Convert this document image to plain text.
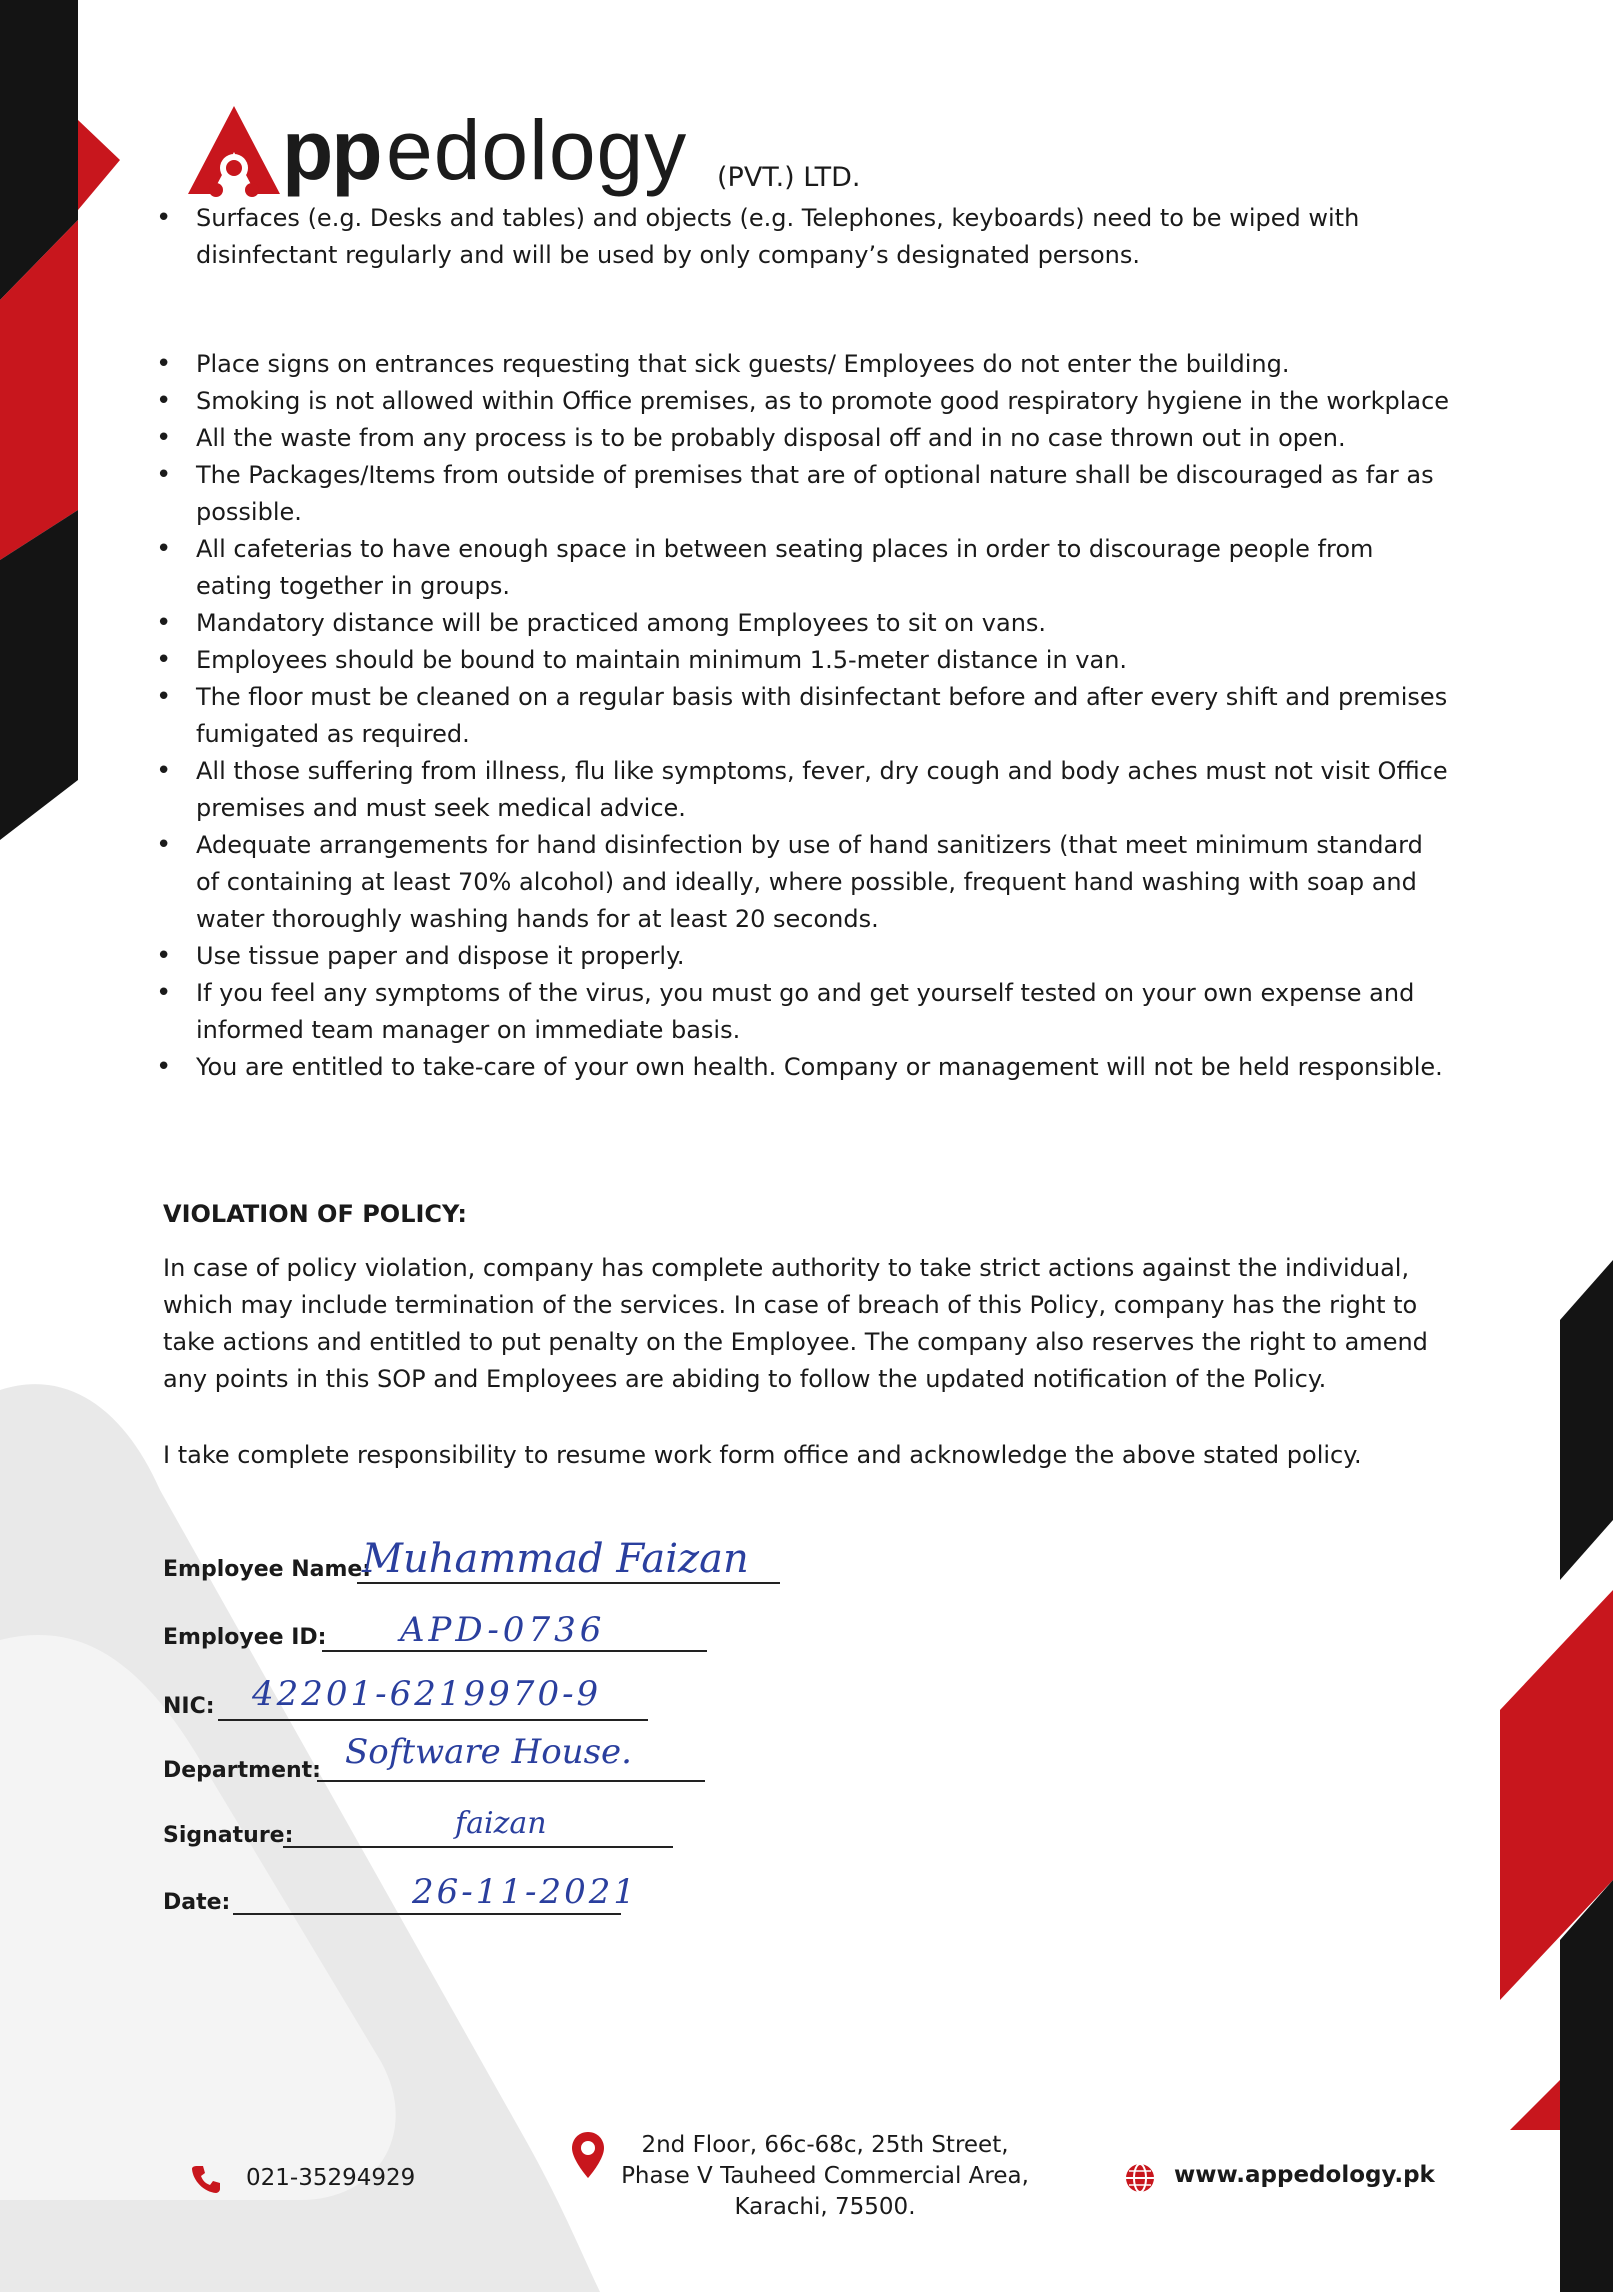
pp edology (PVT.) LTD.
• Surfaces (e.g. Desks and tables) and objects (e.g. Telephones, keyboards) need to be wiped with disinfectant regularly and will be used by only company’s designated persons.
• Place signs on entrances requesting that sick guests/ Employees do not enter the building.
• Smoking is not allowed within Office premises, as to promote good respiratory hygiene in the workplace
• All the waste from any process is to be probably disposal off and in no case thrown out in open.
• The Packages/Items from outside of premises that are of optional nature shall be discouraged as far as possible.
• All cafeterias to have enough space in between seating places in order to discourage people from eating together in groups.
• Mandatory distance will be practiced among Employees to sit on vans.
• Employees should be bound to maintain minimum 1.5-meter distance in van.
• The floor must be cleaned on a regular basis with disinfectant before and after every shift and premises fumigated as required.
• All those suffering from illness, flu like symptoms, fever, dry cough and body aches must not visit Office premises and must seek medical advice.
• Adequate arrangements for hand disinfection by use of hand sanitizers (that meet minimum standard of containing at least 70% alcohol) and ideally, where possible, frequent hand washing with soap and water thoroughly washing hands for at least 20 seconds.
• Use tissue paper and dispose it properly.
• If you feel any symptoms of the virus, you must go and get yourself tested on your own expense and informed team manager on immediate basis.
• You are entitled to take-care of your own health. Company or management will not be held responsible.
VIOLATION OF POLICY:

In case of policy violation, company has complete authority to take strict actions against the individual, which may include termination of the services. In case of breach of this Policy, company has the right to take actions and entitled to put penalty on the Employee. The company also reserves the right to amend any points in this SOP and Employees are abiding to follow the updated notification of the Policy.

I take complete responsibility to resume work form office and acknowledge the above stated policy.

Employee Name:
Muhammad Faizan
Employee ID: APD-0736
NIC: 42201-6219970-9
Department: Software House.
Signature:	faizan
Date:	26-11-2021
021-35294929
2nd Floor, 66c-68c, 25th Street,
Phase V Tauheed Commercial Area,
Karachi, 75500.
www.appedology.pk
